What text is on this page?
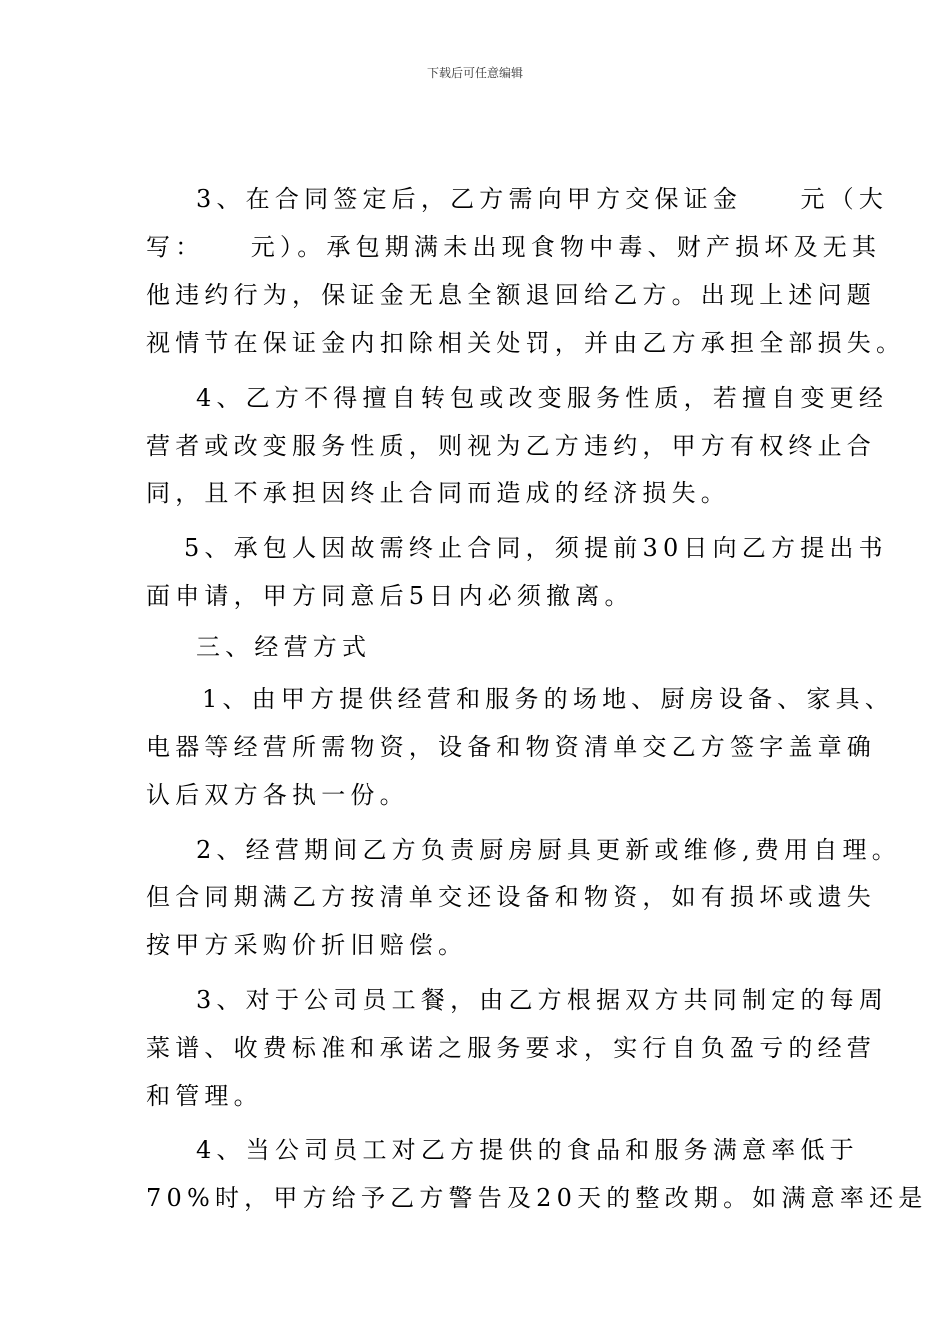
下载后可任意编辑
3、在合同签定后，乙方需向甲方交保证金　　元（大
写：　　元）。承包期满未出现食物中毒、财产损坏及无其
他违约行为，保证金无息全额退回给乙方。出现上述问题
视情节在保证金内扣除相关处罚，并由乙方承担全部损失。
4、乙方不得擅自转包或改变服务性质，若擅自变更经
营者或改变服务性质，则视为乙方违约，甲方有权终止合
同，且不承担因终止合同而造成的经济损失。
5、承包人因故需终止合同，须提前30日向乙方提出书
面申请，甲方同意后5日内必须撤离。
三、经营方式
1、由甲方提供经营和服务的场地、厨房设备、家具、
电器等经营所需物资，设备和物资清单交乙方签字盖章确
认后双方各执一份。
2、经营期间乙方负责厨房厨具更新或维修,费用自理。
但合同期满乙方按清单交还设备和物资，如有损坏或遗失
按甲方采购价折旧赔偿。
3、对于公司员工餐，由乙方根据双方共同制定的每周
菜谱、收费标准和承诺之服务要求，实行自负盈亏的经营
和管理。
4、当公司员工对乙方提供的食品和服务满意率低于
70%时，甲方给予乙方警告及20天的整改期。如满意率还是
